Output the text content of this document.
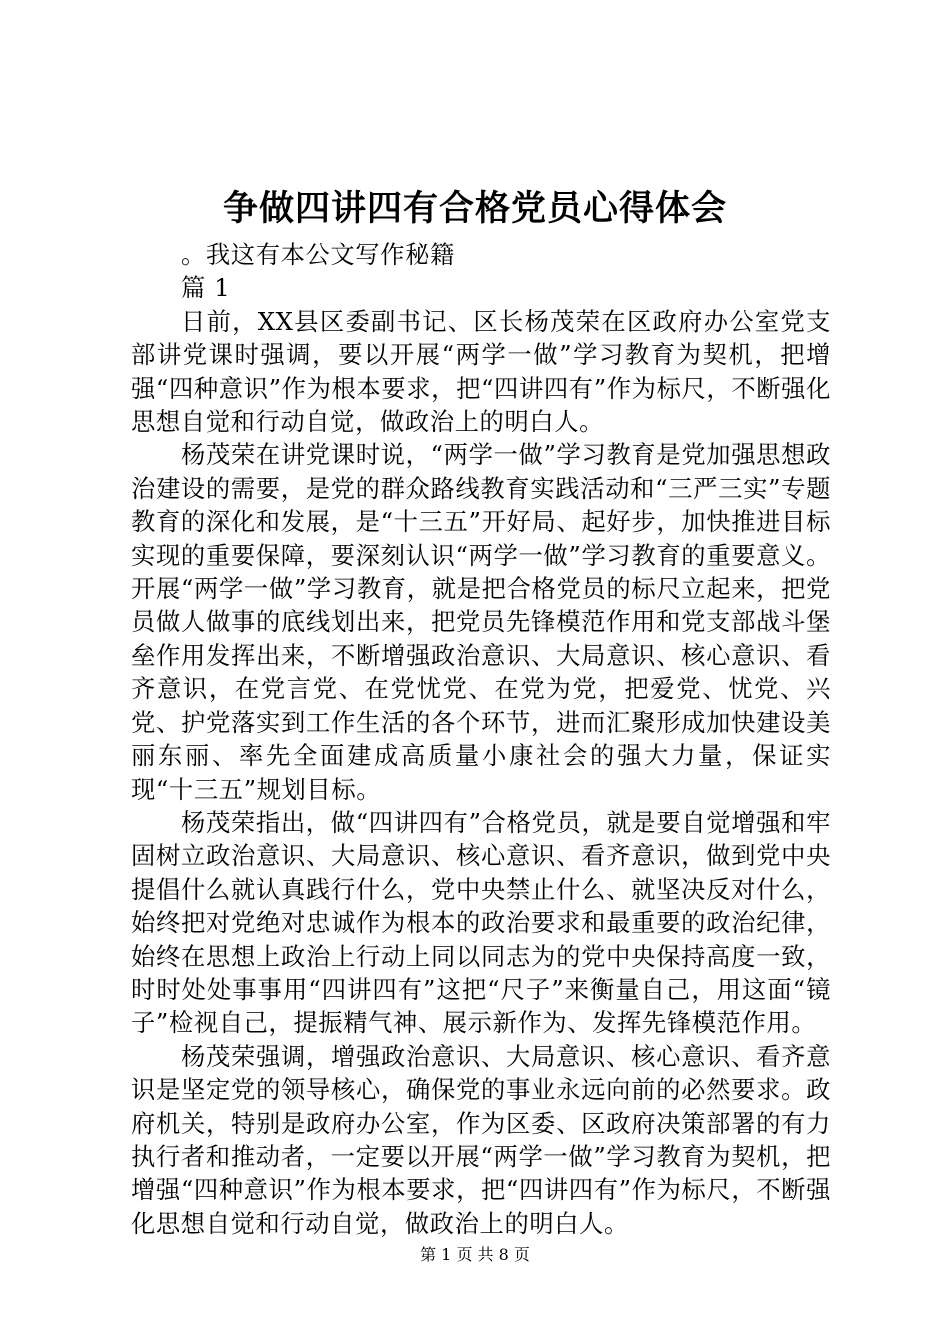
争做四讲四有合格党员心得体会

。我这有本公文写作秘籍

篇 1

日前，XX县区委副书记、区长杨茂荣在区政府办公室党支部讲党课时强调，要以开展“两学一做”学习教育为契机，把增强“四种意识”作为根本要求，把“四讲四有”作为标尺，不断强化思想自觉和行动自觉，做政治上的明白人。

杨茂荣在讲党课时说，“两学一做”学习教育是党加强思想政治建设的需要，是党的群众路线教育实践活动和“三严三实”专题教育的深化和发展，是“十三五”开好局、起好步，加快推进目标实现的重要保障，要深刻认识“两学一做”学习教育的重要意义。开展“两学一做”学习教育，就是把合格党员的标尺立起来，把党员做人做事的底线划出来，把党员先锋模范作用和党支部战斗堡垒作用发挥出来，不断增强政治意识、大局意识、核心意识、看齐意识，在党言党、在党忧党、在党为党，把爱党、忧党、兴党、护党落实到工作生活的各个环节，进而汇聚形成加快建设美丽东丽、率先全面建成高质量小康社会的强大力量，保证实现“十三五”规划目标。

杨茂荣指出，做“四讲四有”合格党员，就是要自觉增强和牢固树立政治意识、大局意识、核心意识、看齐意识，做到党中央提倡什么就认真践行什么，党中央禁止什么、就坚决反对什么，始终把对党绝对忠诚作为根本的政治要求和最重要的政治纪律，始终在思想上政治上行动上同以同志为的党中央保持高度一致，时时处处事事用“四讲四有”这把“尺子”来衡量自己，用这面“镜子”检视自己，提振精气神、展示新作为、发挥先锋模范作用。

杨茂荣强调，增强政治意识、大局意识、核心意识、看齐意识是坚定党的领导核心，确保党的事业永远向前的必然要求。政府机关，特别是政府办公室，作为区委、区政府决策部署的有力执行者和推动者，一定要以开展“两学一做”学习教育为契机，把增强“四种意识”作为根本要求，把“四讲四有”作为标尺，不断强化思想自觉和行动自觉，做政治上的明白人。

第 1 页 共 8 页
